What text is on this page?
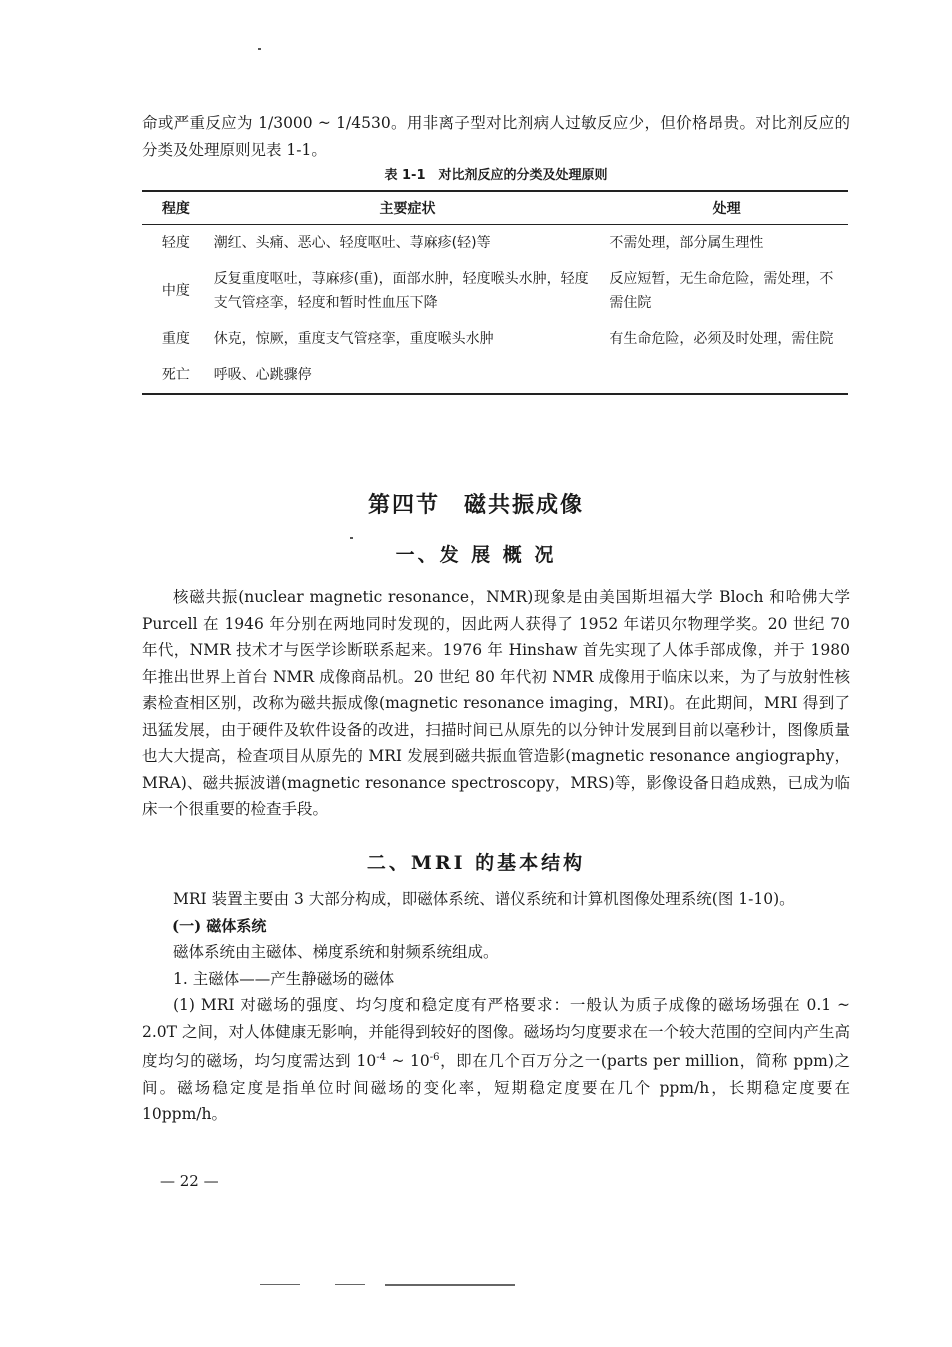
命或严重反应为 1/3000 ~ 1/4530。用非离子型对比剂病人过敏反应少，但价格昂贵。对比剂反应的分类及处理原则见表 1-1。

表 1-1　对比剂反应的分类及处理原则
程度	主要症状	处理
轻度	潮红、头痛、恶心、轻度呕吐、荨麻疹(轻)等	不需处理，部分属生理性
中度	反复重度呕吐，荨麻疹(重)，面部水肿，轻度喉头水肿，轻度支气管痉挛，轻度和暂时性血压下降	反应短暂，无生命危险，需处理，不需住院
重度	休克，惊厥，重度支气管痉挛，重度喉头水肿	有生命危险，必须及时处理，需住院
死亡	呼吸、心跳骤停	
第四节　磁共振成像
一、发 展 概 况

核磁共振(nuclear magnetic resonance，NMR)现象是由美国斯坦福大学 Bloch 和哈佛大学 Purcell 在 1946 年分别在两地同时发现的，因此两人获得了 1952 年诺贝尔物理学奖。20 世纪 70 年代，NMR 技术才与医学诊断联系起来。1976 年 Hinshaw 首先实现了人体手部成像，并于 1980 年推出世界上首台 NMR 成像商品机。20 世纪 80 年代初 NMR 成像用于临床以来，为了与放射性核素检查相区别，改称为磁共振成像(magnetic resonance imaging，MRI)。在此期间，MRI 得到了迅猛发展，由于硬件及软件设备的改进，扫描时间已从原先的以分钟计发展到目前以毫秒计，图像质量也大大提高，检查项目从原先的 MRI 发展到磁共振血管造影(magnetic resonance angiography，MRA)、磁共振波谱(magnetic resonance spectroscopy，MRS)等，影像设备日趋成熟，已成为临床一个很重要的检查手段。

二、MRI 的基本结构

MRI 装置主要由 3 大部分构成，即磁体系统、谱仪系统和计算机图像处理系统(图 1-10)。

(一) 磁体系统

磁体系统由主磁体、梯度系统和射频系统组成。

1. 主磁体——产生静磁场的磁体

(1) MRI 对磁场的强度、均匀度和稳定度有严格要求：一般认为质子成像的磁场场强在 0.1 ~ 2.0T 之间，对人体健康无影响，并能得到较好的图像。磁场均匀度要求在一个较大范围的空间内产生高度均匀的磁场，均匀度需达到 $10^{-4}$ ~ $10^{-6}$，即在几个百万分之一(parts per million，简称 ppm)之间。磁场稳定度是指单位时间磁场的变化率，短期稳定度要在几个 ppm/h，长期稳定度要在 10ppm/h。

— 22 —
